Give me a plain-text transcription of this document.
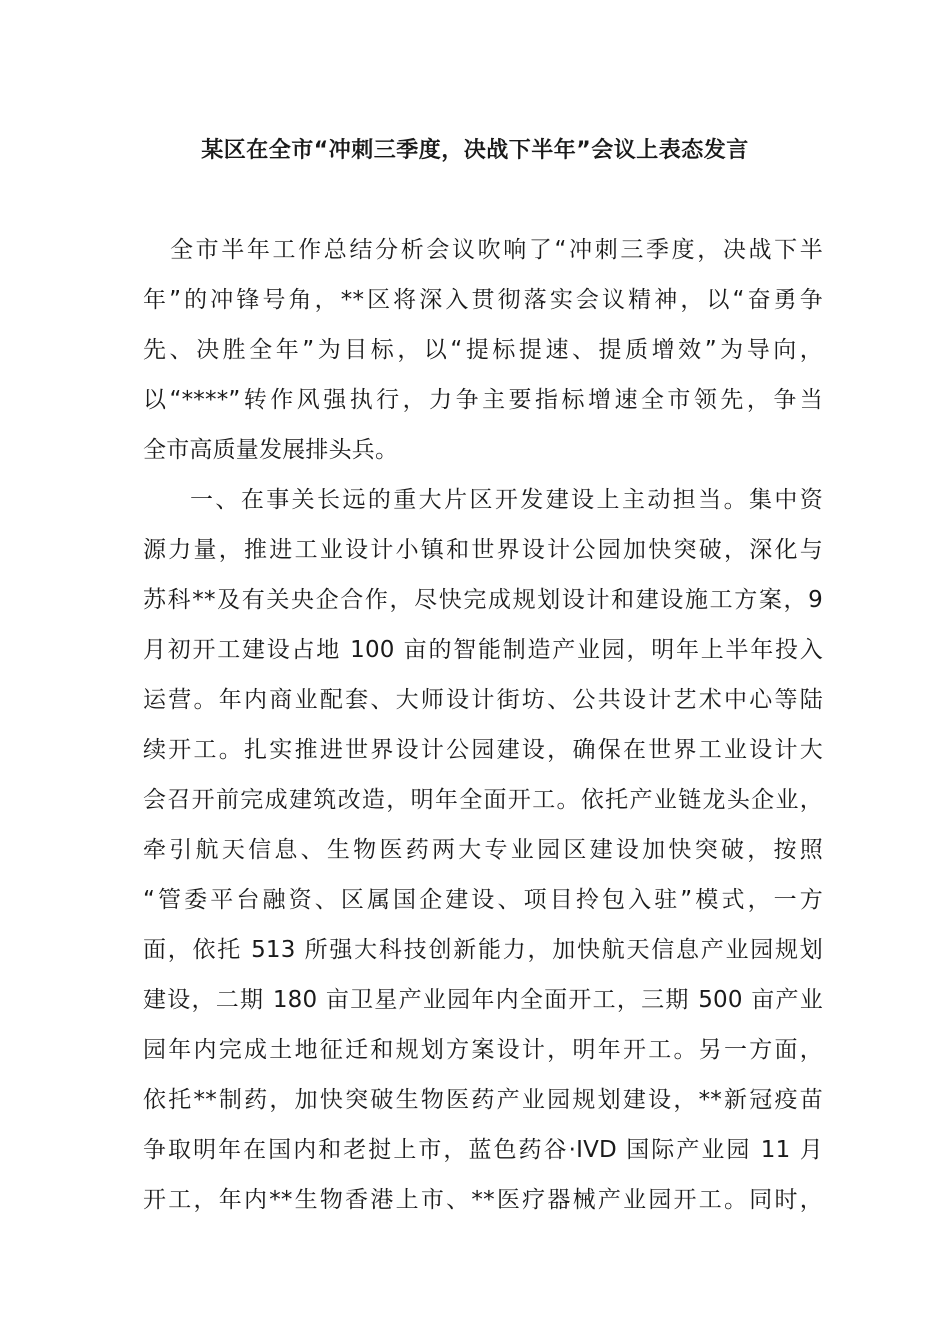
某区在全市“冲刺三季度，决战下半年”会议上表态发言
全市半年工作总结分析会议吹响了“冲刺三季度，决战下半
年”的冲锋号角，**区将深入贯彻落实会议精神，以“奋勇争
先、决胜全年”为目标，以“提标提速、提质增效”为导向，
以“****”转作风强执行，力争主要指标增速全市领先，争当
全市高质量发展排头兵。
一、在事关长远的重大片区开发建设上主动担当。集中资
源力量，推进工业设计小镇和世界设计公园加快突破，深化与
苏科**及有关央企合作，尽快完成规划设计和建设施工方案，9
月初开工建设占地 100 亩的智能制造产业园，明年上半年投入
运营。年内商业配套、大师设计街坊、公共设计艺术中心等陆
续开工。扎实推进世界设计公园建设，确保在世界工业设计大
会召开前完成建筑改造，明年全面开工。依托产业链龙头企业，
牵引航天信息、生物医药两大专业园区建设加快突破，按照
“管委平台融资、区属国企建设、项目拎包入驻”模式，一方
面，依托 513 所强大科技创新能力，加快航天信息产业园规划
建设，二期 180 亩卫星产业园年内全面开工，三期 500 亩产业
园年内完成土地征迁和规划方案设计，明年开工。另一方面，
依托**制药，加快突破生物医药产业园规划建设，**新冠疫苗
争取明年在国内和老挝上市，蓝色药谷·IVD 国际产业园 11 月
开工，年内**生物香港上市、**医疗器械产业园开工。同时，
